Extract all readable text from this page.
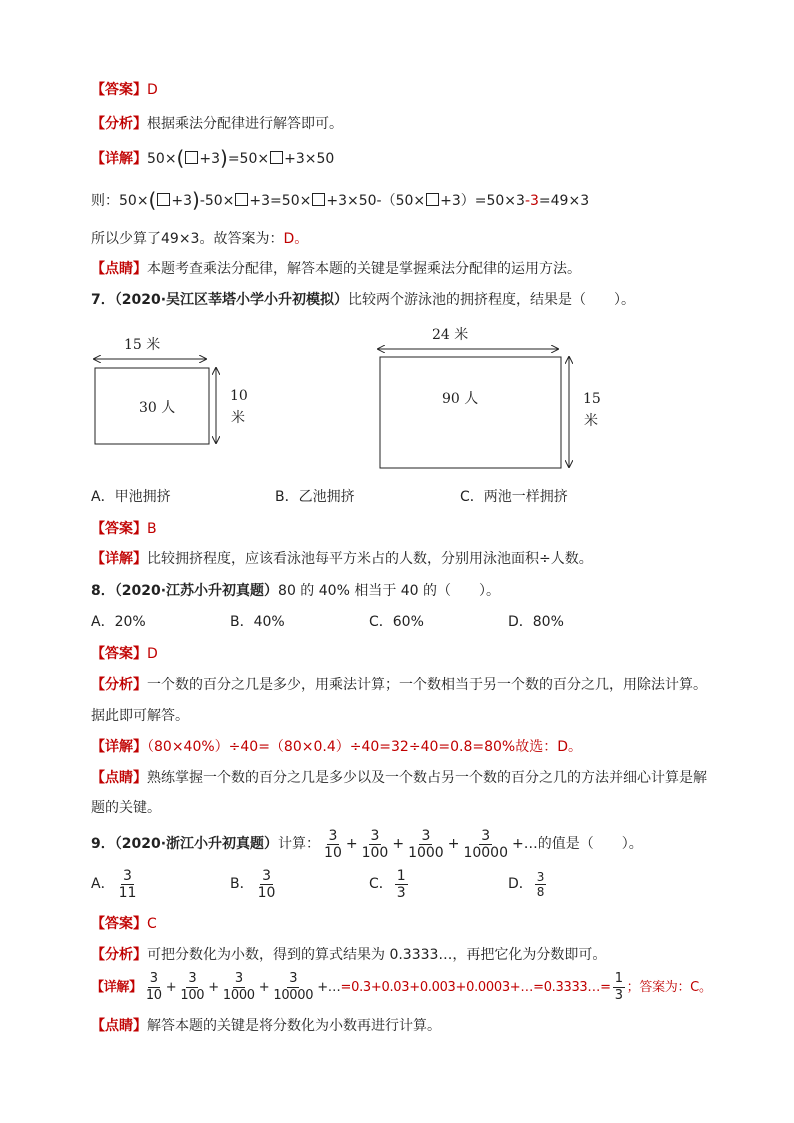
【答案】D
【分析】根据乘法分配律进行解答即可。
【详解】50×( +3)=50× +3×50
则：50×( +3)-50× +3=50× +3×50-（50× +3）=50×3-3=49×3
所以少算了49×3。故答案为：D。
【点睛】本题考查乘法分配律，解答本题的关键是掌握乘法分配律的运用方法。
7．（2020·吴江区莘塔小学小升初模拟）比较两个游泳池的拥挤程度，结果是（　　）。
15 米
30 人
10
米
24 米
90 人	15
米
A．甲池拥挤	B．乙池拥挤	C．两池一样拥挤
【答案】B
【详解】比较拥挤程度，应该看泳池每平方米占的人数，分别用泳池面积÷人数。
8．（2020·江苏小升初真题）80 的 40% 相当于 40 的（　　）。
A．20%	B．40%	C．60%	D．80%
【答案】D
【分析】一个数的百分之几是多少，用乘法计算；一个数相当于另一个数的百分之几，用除法计算。
据此即可解答。
【详解】（80×40%）÷40=（80×0.4）÷40=32÷40=0.8=80%故选：D。
【点睛】熟练掌握一个数的百分之几是多少以及一个数占另一个数的百分之几的方法并细心计算是解
题的关键。
9．（2020·浙江小升初真题）计算： $\frac{3}{10} + \frac{3}{100} + \frac{3}{1000} + \frac{3}{10000}$ +…的值是（　　）。
A． $\frac{3}{11}$	B． $\frac{3}{10}$	C． $\frac{1}{3}$	D． $\frac{3}{8}$
【答案】C
【分析】可把分数化为小数，得到的算式结果为 0.3333…，再把它化为分数即可。
【详解】 $\frac{3}{10} + \frac{3}{100} + \frac{3}{1000} + \frac{3}{10000}$ +…=0.3+0.03+0.003+0.0003+…=0.3333…= $\frac{1}{3}$ ；答案为：C。
【点睛】解答本题的关键是将分数化为小数再进行计算。
